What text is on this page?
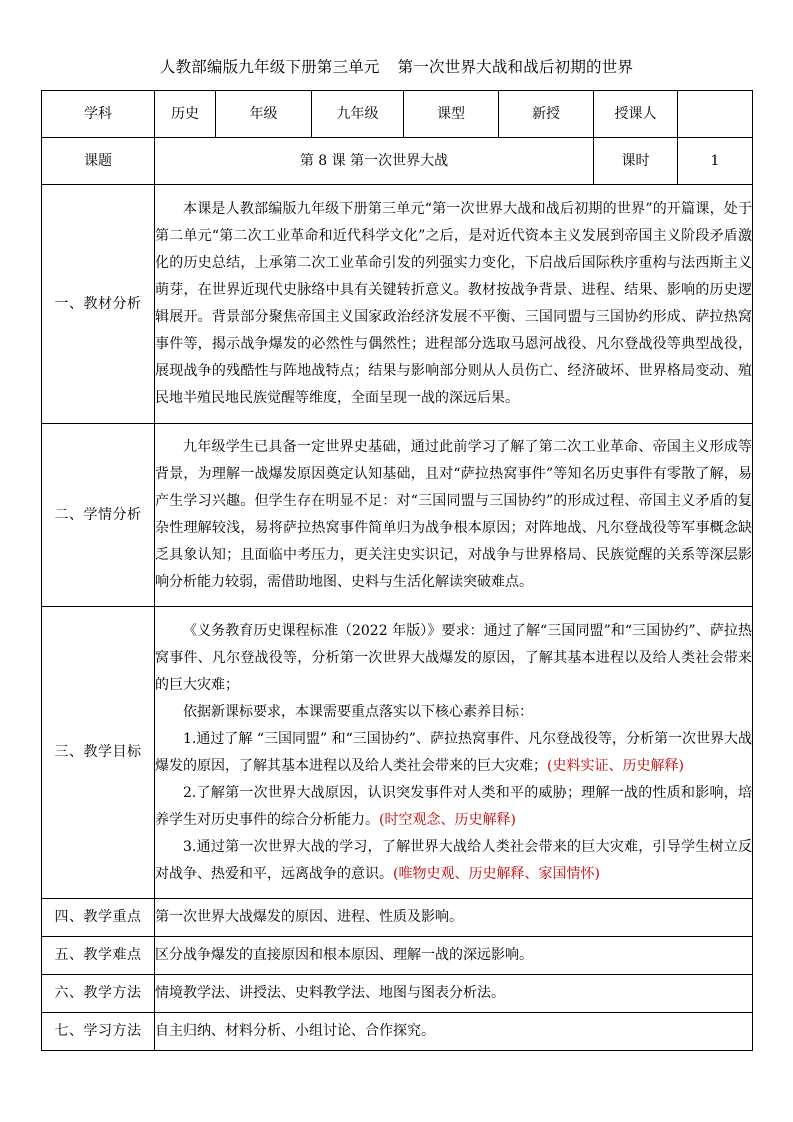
人教部编版九年级下册第三单元 第一次世界大战和战后初期的世界
学科	历史	年级	九年级	课型	新授	授课人	
课题	第 8 课 第一次世界大战					课时	1
一、教材分析	本课是人教部编版九年级下册第三单元“第一次世界大战和战后初期的世界”的开篇课，处于第二单元“第二次工业革命和近代科学文化”之后，是对近代资本主义发展到帝国主义阶段矛盾激化的历史总结，上承第二次工业革命引发的列强实力变化，下启战后国际秩序重构与法西斯主义萌芽，在世界近现代史脉络中具有关键转折意义。教材按战争背景、进程、结果、影响的历史逻辑展开。背景部分聚焦帝国主义国家政治经济发展不平衡、三国同盟与三国协约形成、萨拉热窝事件等，揭示战争爆发的必然性与偶然性；进程部分选取马恩河战役、凡尔登战役等典型战役，展现战争的残酷性与阵地战特点；结果与影响部分则从人员伤亡、经济破坏、世界格局变动、殖民地半殖民地民族觉醒等维度，全面呈现一战的深远后果。						

二、学情分析	九年级学生已具备一定世界史基础，通过此前学习了解了第二次工业革命、帝国主义形成等背景，为理解一战爆发原因奠定认知基础，且对“萨拉热窝事件”等知名历史事件有零散了解，易产生学习兴趣。但学生存在明显不足：对“三国同盟与三国协约”的形成过程、帝国主义矛盾的复杂性理解较浅，易将萨拉热窝事件简单归为战争根本原因；对阵地战、凡尔登战役等军事概念缺乏具象认知；且面临中考压力，更关注史实识记，对战争与世界格局、民族觉醒的关系等深层影响分析能力较弱，需借助地图、史料与生活化解读突破难点。						

三、教学目标	《义务教育历史课程标准（2022 年版）》要求：通过了解“三国同盟”和“三国协约”、萨拉热窝事件、凡尔登战役等，分析第一次世界大战爆发的原因，了解其基本进程以及给人类社会带来的巨大灾难；

依据新课标要求，本课需要重点落实以下核心素养目标：

1.通过了解 “三国同盟” 和“三国协约”、萨拉热窝事件、凡尔登战役等，分析第一次世界大战爆发的原因，了解其基本进程以及给人类社会带来的巨大灾难；(史料实证、历史解释)

2.了解第一次世界大战原因，认识突发事件对人类和平的威胁；理解一战的性质和影响，培养学生对历史事件的综合分析能力。(时空观念、历史解释)

3.通过第一次世界大战的学习，了解世界大战给人类社会带来的巨大灾难，引导学生树立反对战争、热爱和平，远离战争的意识。(唯物史观、历史解释、家国情怀)						

四、教学重点	第一次世界大战爆发的原因、进程、性质及影响。						
五、教学难点	区分战争爆发的直接原因和根本原因、理解一战的深远影响。						
六、教学方法	情境教学法、讲授法、史料教学法、地图与图表分析法。						
七、学习方法	自主归纳、材料分析、小组讨论、合作探究。						
